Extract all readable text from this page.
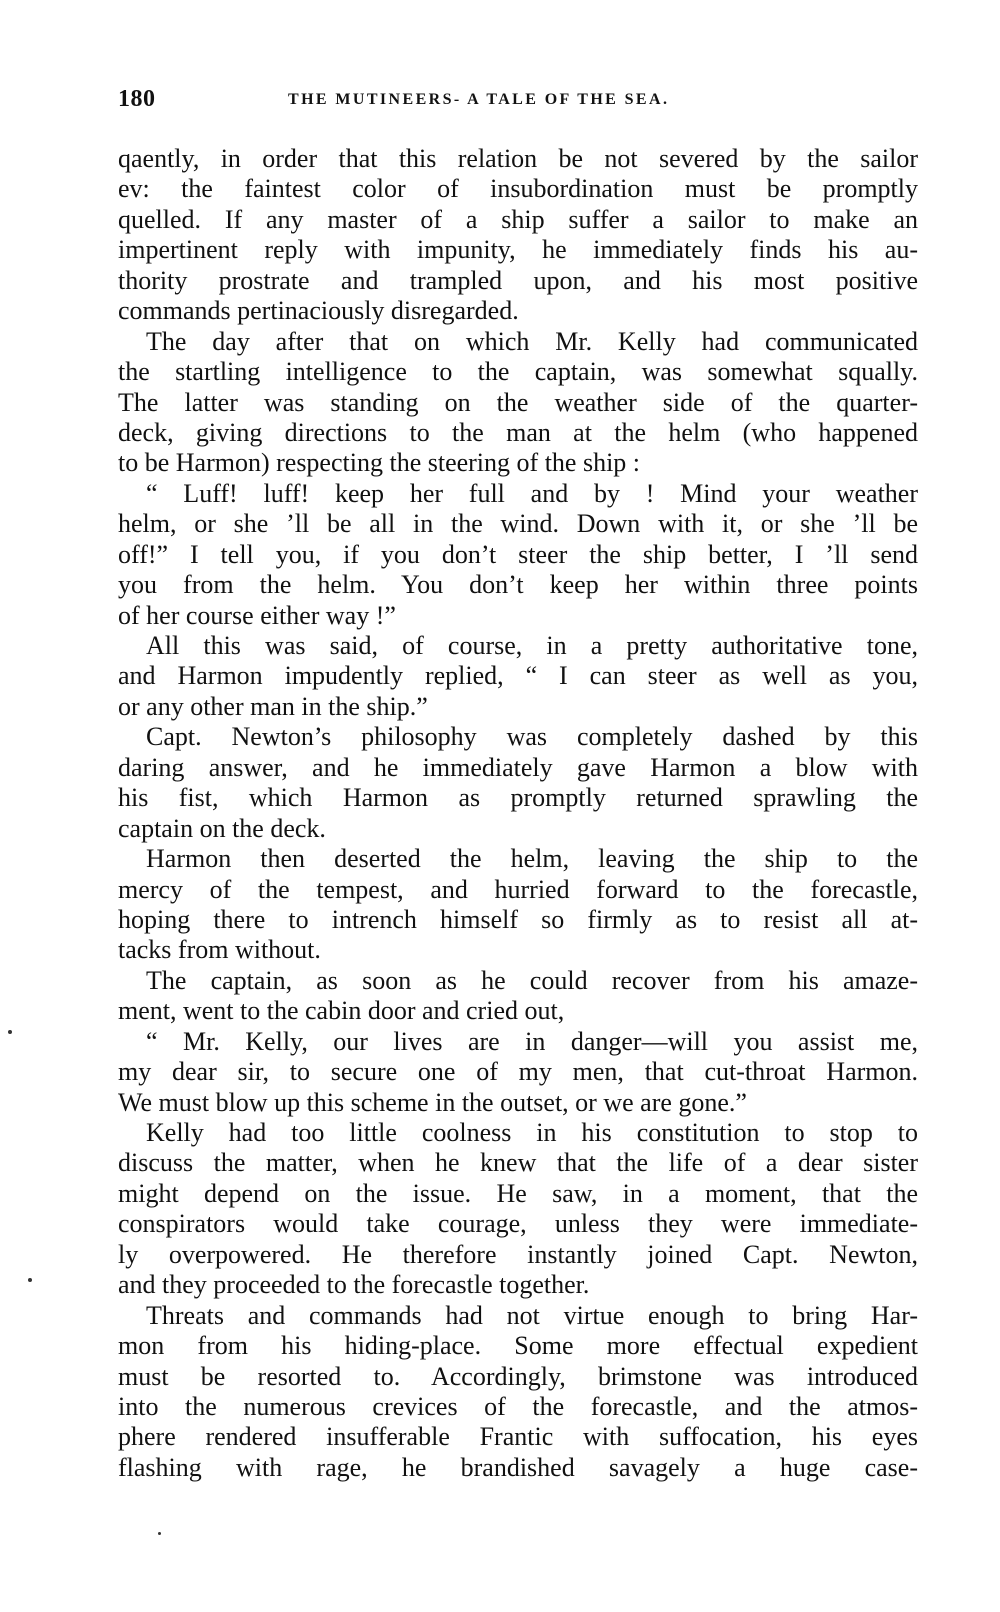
180	THE MUTINEERS- A TALE OF THE SEA.
qaently, in order that this relation be not severed by the sailor
ev: the faintest color of insubordination must be promptly
quelled. If any master of a ship suffer a sailor to make an
impertinent reply with impunity, he immediately finds his au-
thority prostrate and trampled upon, and his most positive
commands pertinaciously disregarded.
The day after that on which Mr. Kelly had communicated
the startling intelligence to the captain, was somewhat squally.
The latter was standing on the weather side of the quarter-
deck, giving directions to the man at the helm (who happened
to be Harmon) respecting the steering of the ship :
“ Luff! luff! keep her full and by ! Mind your weather
helm, or she ’ll be all in the wind. Down with it, or she ’ll be
off!” I tell you, if you don’t steer the ship better, I ’ll send
you from the helm. You don’t keep her within three points
of her course either way !”
All this was said, of course, in a pretty authoritative tone,
and Harmon impudently replied, “ I can steer as well as you,
or any other man in the ship.”
Capt. Newton’s philosophy was completely dashed by this
daring answer, and he immediately gave Harmon a blow with
his fist, which Harmon as promptly returned sprawling the
captain on the deck.
Harmon then deserted the helm, leaving the ship to the
mercy of the tempest, and hurried forward to the forecastle,
hoping there to intrench himself so firmly as to resist all at-
tacks from without.
The captain, as soon as he could recover from his amaze-
ment, went to the cabin door and cried out,
“ Mr. Kelly, our lives are in danger—will you assist me,
my dear sir, to secure one of my men, that cut-throat Harmon.
We must blow up this scheme in the outset, or we are gone.”
Kelly had too little coolness in his constitution to stop to
discuss the matter, when he knew that the life of a dear sister
might depend on the issue. He saw, in a moment, that the
conspirators would take courage, unless they were immediate-
ly overpowered. He therefore instantly joined Capt. Newton,
and they proceeded to the forecastle together.
Threats and commands had not virtue enough to bring Har-
mon from his hiding-place. Some more effectual expedient
must be resorted to. Accordingly, brimstone was introduced
into the numerous crevices of the forecastle, and the atmos-
phere rendered insufferable Frantic with suffocation, his eyes
flashing with rage, he brandished savagely a huge case-
